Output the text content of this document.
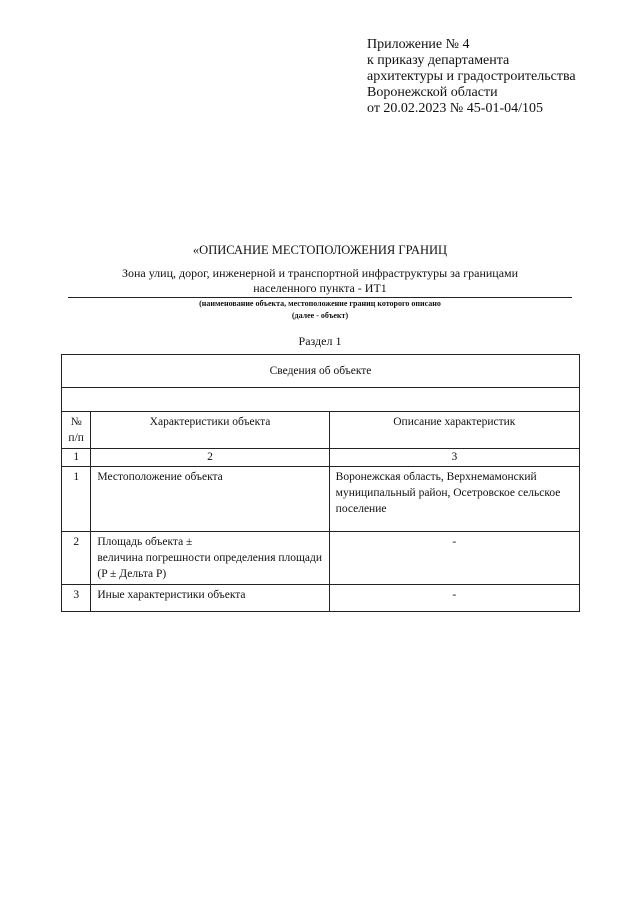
Приложение № 4
к приказу департамента
архитектуры и градостроительства
Воронежской области
от 20.02.2023 № 45-01-04/105
«ОПИСАНИЕ МЕСТОПОЛОЖЕНИЯ ГРАНИЦ
Зона улиц, дорог, инженерной и транспортной инфраструктуры за границами
населенного пункта - ИТ1
(наименование объекта, местоположение границ которого описано
(далее - объект)
Раздел 1
Сведения об объекте		

№
п/п	Характеристики объекта	Описание характеристик
1	2	3
1	Местоположение объекта	Воронежская область, Верхнемамонский муниципальный район, Осетровское сельское поселение
2	Площадь объекта ±
величина погрешности определения площади (P ± Дельта P)	-
3	Иные характеристики объекта	-
